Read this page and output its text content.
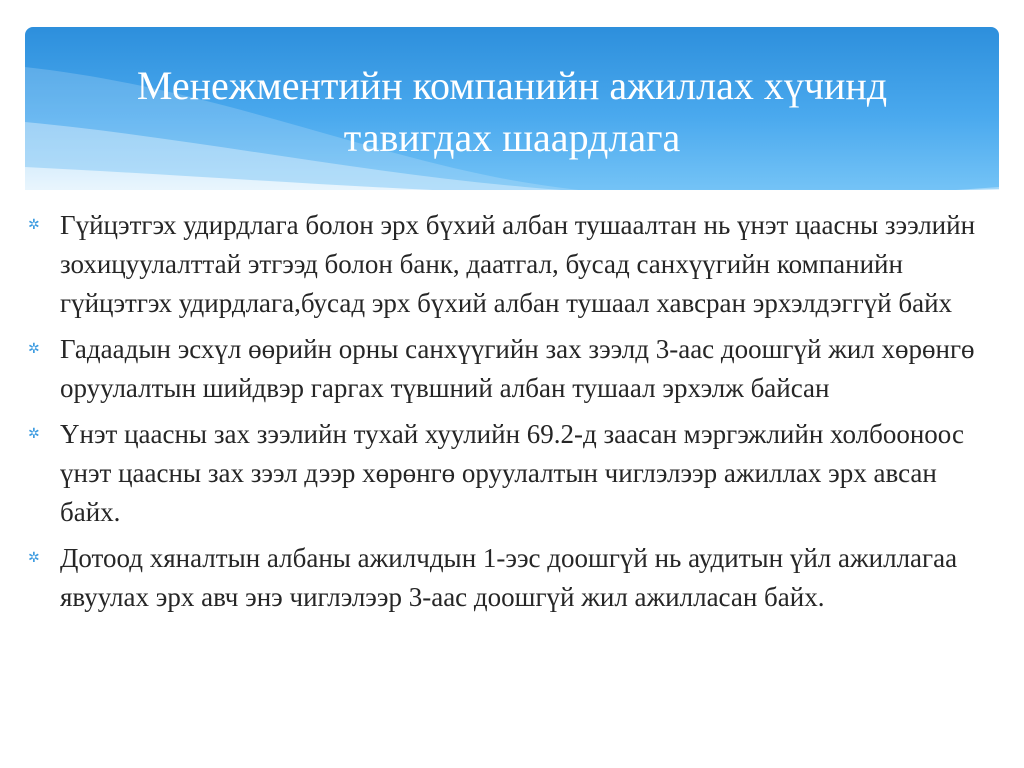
Менежментийн компанийн ажиллах хүчинд
тавигдах шаардлага
✲ Гүйцэтгэх удирдлага болон эрх бүхий албан тушаалтан нь үнэт цаасны зээлийн зохицуулалттай этгээд болон банк, даатгал, бусад санхүүгийн компанийн гүйцэтгэх удирдлага,бусад эрх бүхий албан тушаал хавсран эрхэлдэггүй байх
✲ Гадаадын эсхүл өөрийн орны санхүүгийн зах зээлд 3-аас доошгүй жил хөрөнгө оруулалтын шийдвэр гаргах түвшний албан тушаал эрхэлж байсан
✲ Үнэт цаасны зах зээлийн тухай хуулийн 69.2-д заасан мэргэжлийн холбооноос үнэт цаасны зах зээл дээр хөрөнгө оруулалтын чиглэлээр ажиллах эрх авсан байх.
✲ Дотоод хяналтын албаны ажилчдын 1-ээс доошгүй нь аудитын үйл ажиллагаа явуулах эрх авч энэ чиглэлээр 3-аас доошгүй жил ажилласан байх.
